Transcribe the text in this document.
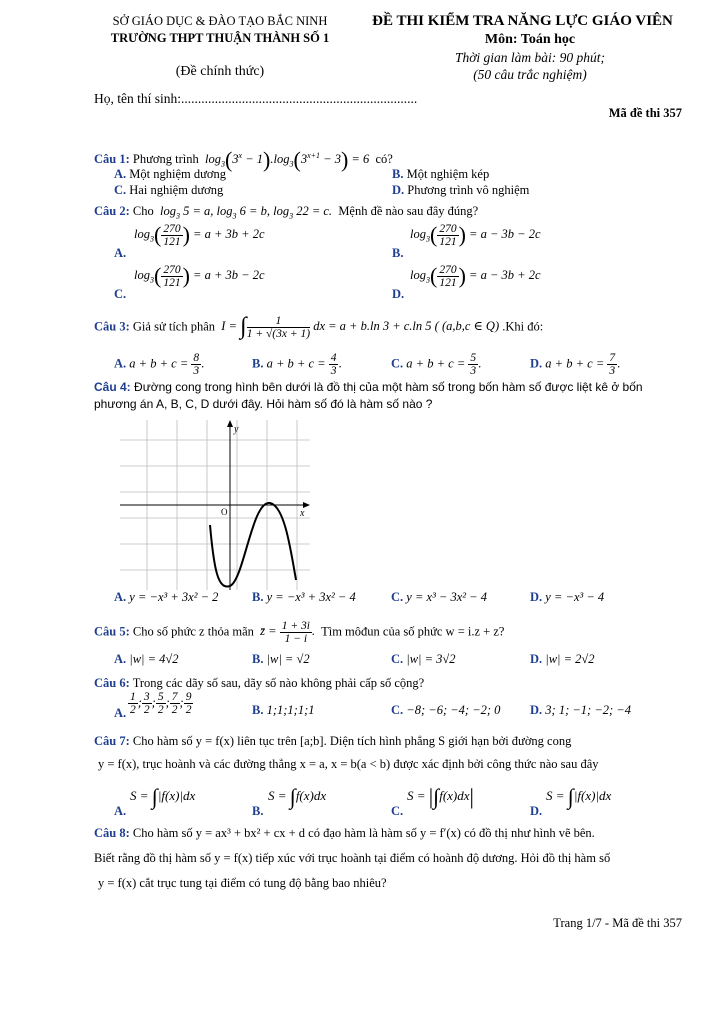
SỞ GIÁO DỤC & ĐÀO TẠO BẮC NINH
TRƯỜNG THPT THUẬN THÀNH SỐ 1
(Đề chính thức)
ĐỀ THI KIỂM TRA NĂNG LỰC GIÁO VIÊN
Môn: Toán học
Thời gian làm bài: 90 phút;
(50 câu trắc nghiệm)
Họ, tên thí sinh:......................................................................
Mã đề thi 357
Câu 1: Phương trình  $\log_3(3^x - 1).\log_3(3^{x+1} - 3) = 6$  có?
A. Một nghiệm dương	B. Một nghiệm kép
C. Hai nghiệm dương	D. Phương trình vô nghiệm
Câu 2: Cho  $\log_3 5 = a$, $\log_3 6 = b$, $\log_3 22 = c$.  Mệnh đề nào sau đây đúng?
A.
$\log_3( \frac{270}{121}$ ) = a + 3b + 2c
B.
$\log_3( \frac{270}{121}$ ) = a − 3b − 2c
C.
$\log_3( \frac{270}{121}$ ) = a + 3b − 2c
D.
$\log_3( \frac{270}{121}$ ) = a − 3b + 2c
Câu 3: Giả sử tích phân  I = ∫ $\frac{1}{1 + √(3x + 1)}$ dx = a + b.ln 3 + c.ln 5 ( (a,b,c ∈ Q) .Khi đó:
A. $a + b + c = \frac{8}{3}$ .	B. $a + b + c = \frac{4}{3}$ .	C. $a + b + c = \frac{5}{3}$ .	D. $a + b + c = \frac{7}{3}$ .
Câu 4: Đường cong trong hình bên dưới là đồ thị của một hàm số trong bốn hàm số được liệt kê ở bốn
phương án A, B, C, D dưới đây. Hỏi hàm số đó là hàm số nào ?
x
y
O
A. y = −x³ + 3x² − 2	B. y = −x³ + 3x² − 4	C. y = x³ − 3x² − 4	D. y = −x³ − 4
Câu 5: Cho số phức z thỏa mãn  z̄ = $\frac{1 + 3i}{1 - i}$ .  Tìm môđun của số phức w = i.z + z?
A. |w| = 4√2	B. |w| = √2	C. |w| = 3√2	D. |w| = 2√2
Câu 6: Trong các dãy số sau, dãy số nào không phải cấp số cộng?
A. $\frac{1}{2}$ ; $\frac{3}{2}$ ; $\frac{5}{2}$ ; $\frac{7}{2}$ ; $\frac{9}{2}$	B. 1;1;1;1;1	C. −8; −6; −4; −2; 0 D. 3; 1; −1; −2; −4
Câu 7: Cho hàm số y = f(x) liên tục trên [a;b]. Diện tích hình phẳng S giới hạn bởi đường cong
y = f(x), trục hoành và các đường thẳng x = a, x = b(a < b) được xác định bởi công thức nào sau đây
A.
S = ∫|f(x)|dx
B.
S = ∫f(x)dx
C.
S = |∫f(x)dx|
D.
S = ∫|f(x)|dx
Câu 8: Cho hàm số y = ax³ + bx² + cx + d có đạo hàm là hàm số y = f′(x) có đồ thị như hình vẽ bên.
Biết rằng đồ thị hàm số y = f(x) tiếp xúc với trục hoành tại điểm có hoành độ dương. Hỏi đồ thị hàm số
y = f(x) cắt trục tung tại điểm có tung độ bằng bao nhiêu?
Trang 1/7 - Mã đề thi 357
